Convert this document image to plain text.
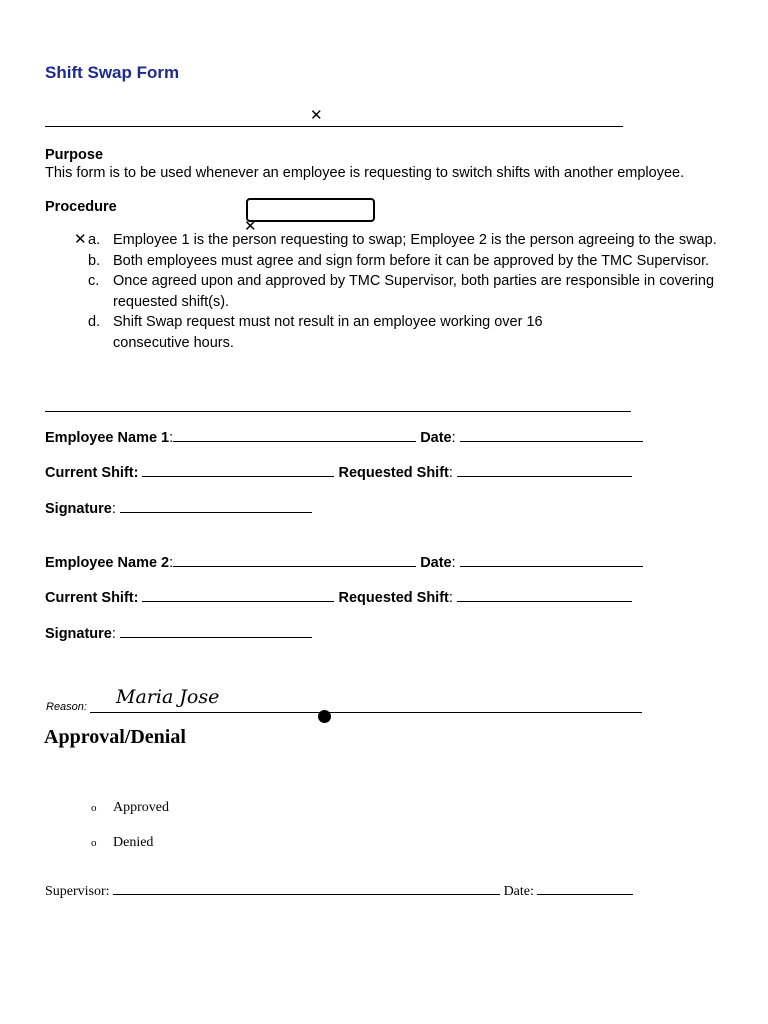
Shift Swap Form
✕
Purpose
This form is to be used whenever an employee is requesting to switch shifts with another employee.
Procedure
✕
✕ a. Employee 1 is the person requesting to swap; Employee 2 is the person agreeing to the swap.
b. Both employees must agree and sign form before it can be approved by the TMC Supervisor.
c. Once agreed upon and approved by TMC Supervisor, both parties are responsible in covering requested shift(s).
d. Shift Swap request must not result in an employee working over 16 consecutive hours.
Employee Name 1:	Date:
Current Shift:	Requested Shift:
Signature:
Employee Name 2:	Date:
Current Shift:	Requested Shift:
Signature:
Reason: Maria Jose
Approval/Denial
o Approved
o Denied
Supervisor:	Date:
